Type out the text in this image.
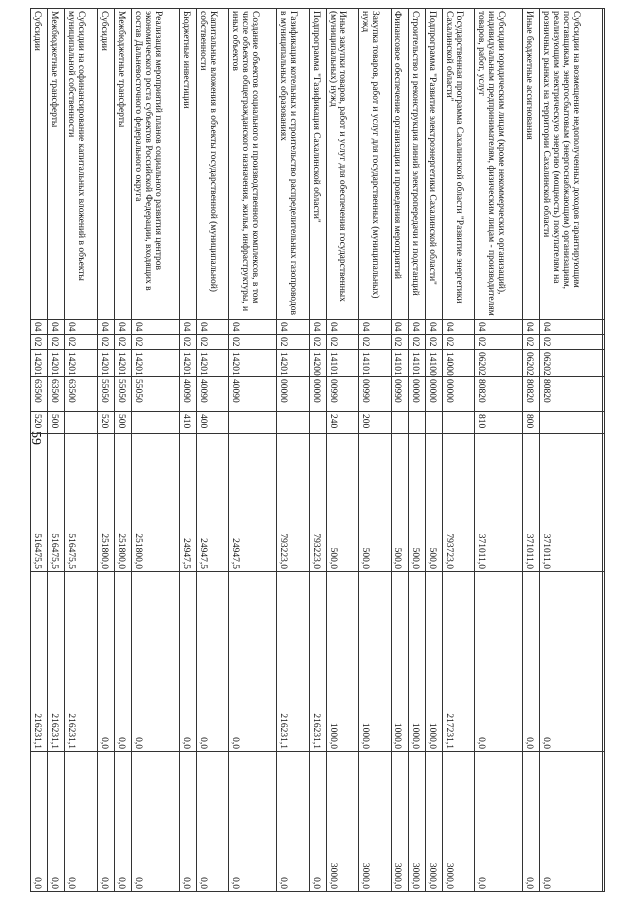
59

Субсидии на возмещение недополученных доходов гарантирующим поставщикам, энергосбытовым (энергоснабжающим) организациям, реализующим электрическую энергию (мощность) покупателям на розничных рынках на территории Сахалинской области	04	02	06202	80820		371011,0	0,0	0,0
Иные бюджетные ассигнования	04	02	06202	80820	800	371011,0	0,0	0,0
Субсидии юридическим лицам (кроме некоммерческих организаций), индивидуальным предпринимателям, физическим лицам - производителям товаров, работ, услуг	04	02	06202	80820	810	371011,0	0,0	0,0
Государственная программа Сахалинской области "Развитие энергетики Сахалинской области"	04	02	14000	00000		793723,0	217231,1	3000,0
Подпрограмма "Развитие электроэнергетики Сахалинской области"	04	02	14100	00000		500,0	1000,0	3000,0
Строительство и реконструкция линий электропередачи и подстанций	04	02	14101	00000		500,0	1000,0	3000,0
Финансовое обеспечение организации и проведения мероприятий	04	02	14101	00990		500,0	1000,0	3000,0
Закупка товаров, работ и услуг для государственных (муниципальных) нужд	04	02	14101	00990	200	500,0	1000,0	3000,0
Иные закупки товаров, работ и услуг для обеспечения государственных (муниципальных) нужд	04	02	14101	00990	240	500,0	1000,0	3000,0
Подпрограмма "Газификация Сахалинской области"	04	02	14200	00000		793223,0	216231,1	0,0
Газификация котельных и строительство распределительных газопроводов в муниципальных образованиях	04	02	14201	00000		793223,0	216231,1	0,0
Создание объектов социального и производственного комплексов, в том числе объектов общегражданского назначения, жилья, инфраструктуры, и иных объектов	04	02	14201	40090		24947,5	0,0	0,0
Капитальные вложения в объекты государственной (муниципальной) собственности	04	02	14201	40090	400	24947,5	0,0	0,0
Бюджетные инвестиции	04	02	14201	40090	410	24947,5	0,0	0,0
Реализация мероприятий планов социального развития центров экономического роста субъектов Российской Федерации, входящих в состав Дальневосточного федерального округа	04	02	14201	55050		251800,0	0,0	0,0
Межбюджетные трансферты	04	02	14201	55050	500	251800,0	0,0	0,0
Субсидии	04	02	14201	55050	520	251800,0	0,0	0,0
Субсидии на софинансирование капитальных вложений в объекты муниципальной собственности	04	02	14201	63500		516475,5	216231,1	0,0
Межбюджетные трансферты	04	02	14201	63500	500	516475,5	216231,1	0,0
Субсидии	04	02	14201	63500	520	516475,5	216231,1	0,0
